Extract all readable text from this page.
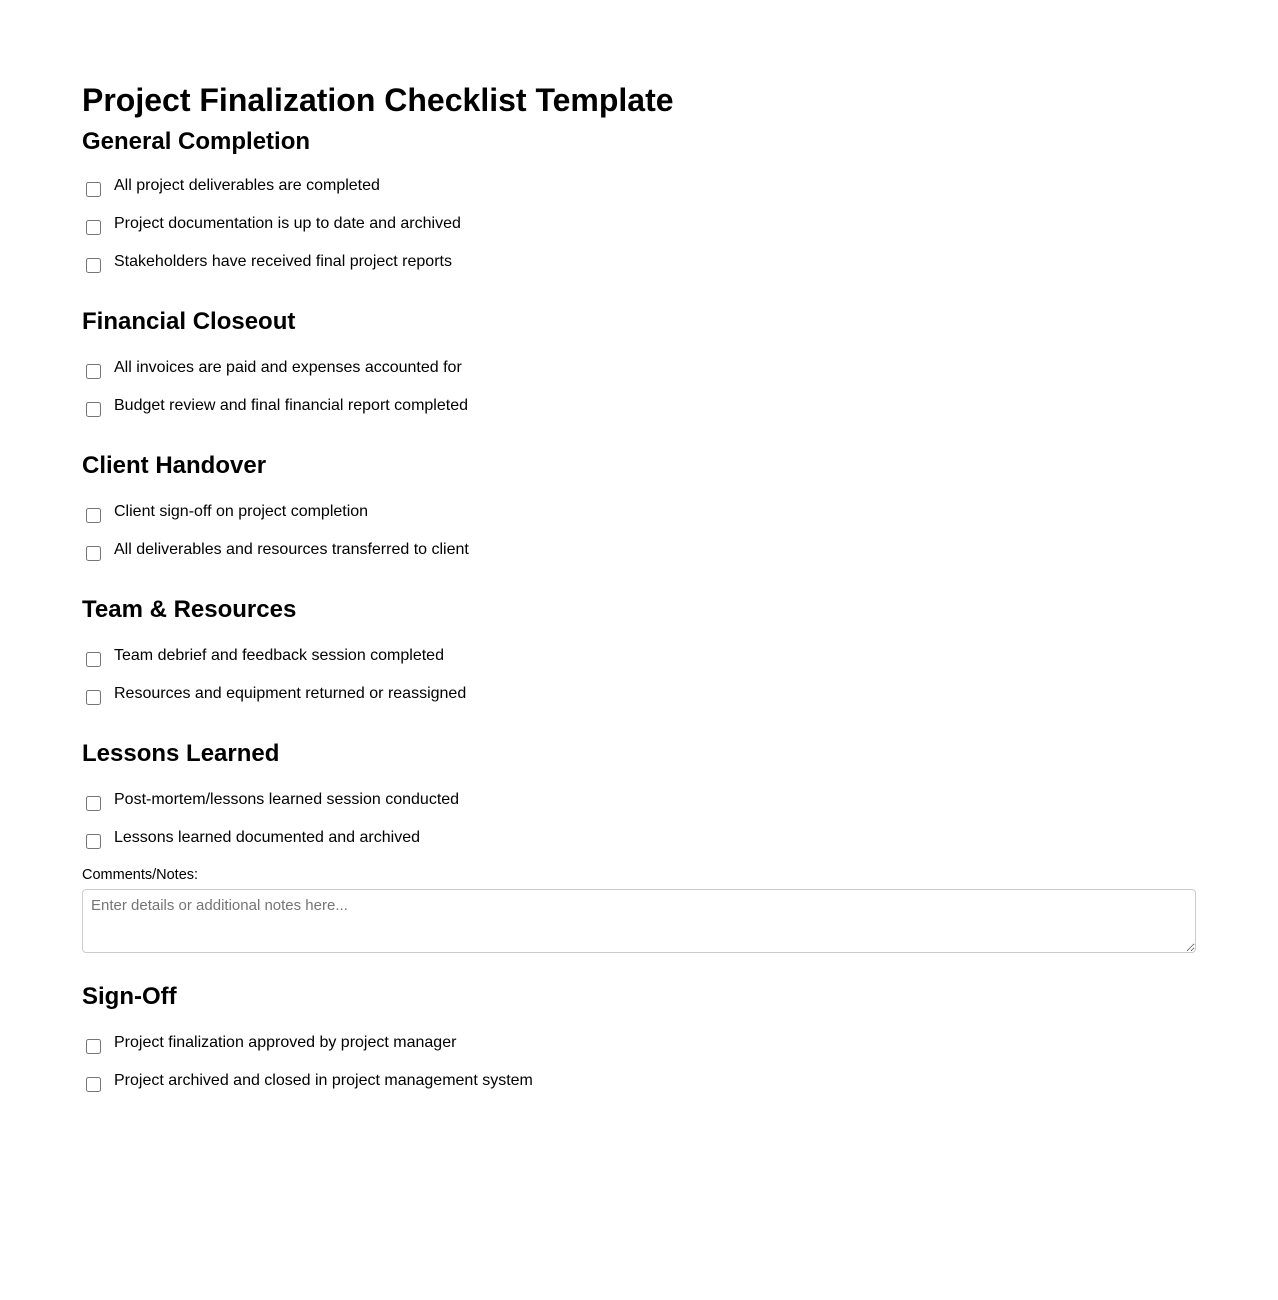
Project Finalization Checklist Template
General Completion
All project deliverables are completed
Project documentation is up to date and archived
Stakeholders have received final project reports
Financial Closeout
All invoices are paid and expenses accounted for
Budget review and final financial report completed
Client Handover
Client sign-off on project completion
All deliverables and resources transferred to client
Team & Resources
Team debrief and feedback session completed
Resources and equipment returned or reassigned
Lessons Learned
Post-mortem/lessons learned session conducted
Lessons learned documented and archived
Comments/Notes:
Enter details or additional notes here...
Sign-Off
Project finalization approved by project manager
Project archived and closed in project management system
